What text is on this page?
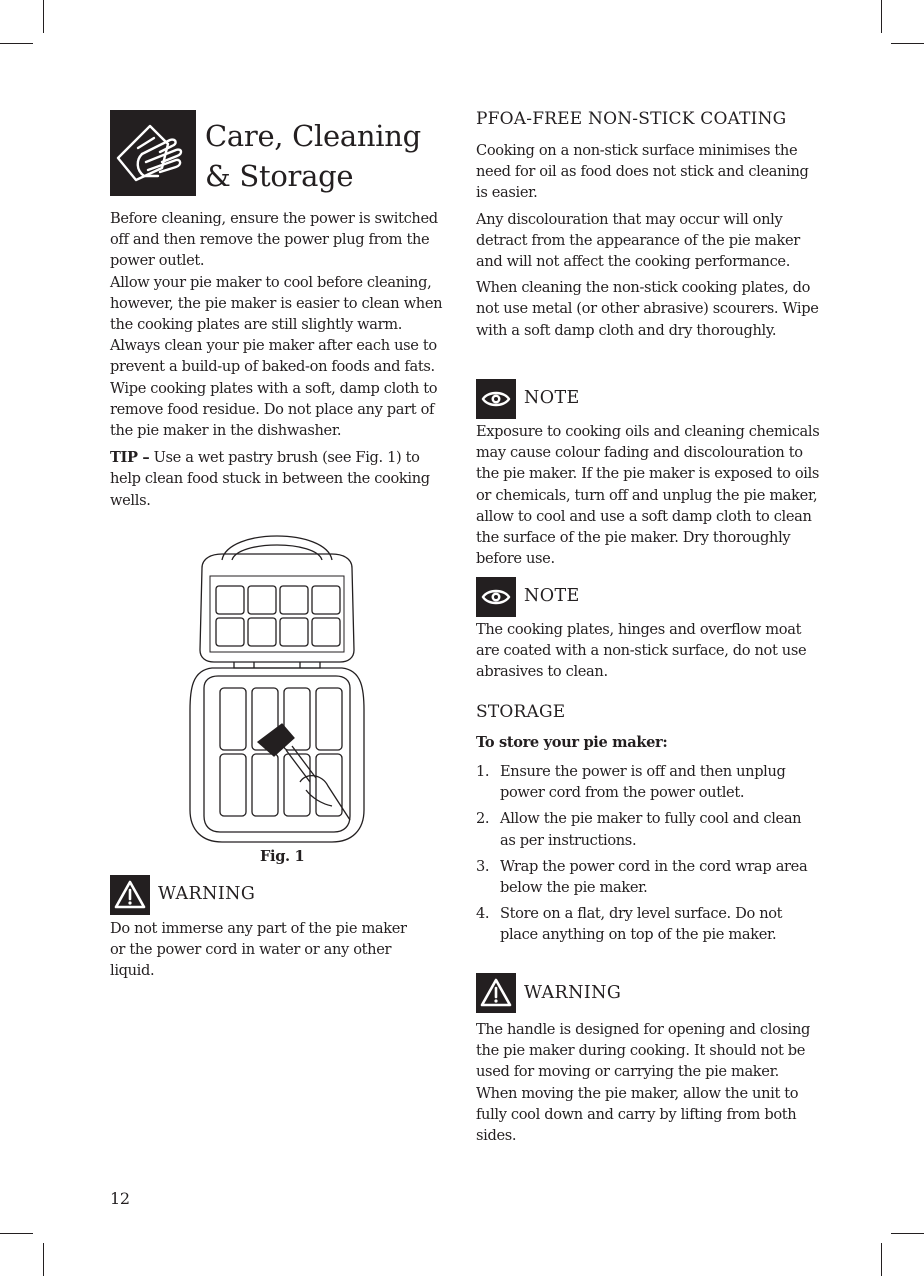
Care, Cleaning
& Storage

Before cleaning, ensure the power is switched off and then remove the power plug from the power outlet.

Allow your pie maker to cool before cleaning, however, the pie maker is easier to clean when the cooking plates are still slightly warm.

Always clean your pie maker after each use to prevent a build-up of baked-on foods and fats.

Wipe cooking plates with a soft, damp cloth to remove food residue. Do not place any part of the pie maker in the dishwasher.

TIP – Use a wet pastry brush (see Fig. 1) to help clean food stuck in between the cooking wells.

Fig. 1
WARNING

Do not immerse any part of the pie maker or the power cord in water or any other liquid.

PFOA-FREE NON-STICK COATING

Cooking on a non-stick surface minimises the need for oil as food does not stick and cleaning is easier.

Any discolouration that may occur will only detract from the appearance of the pie maker and will not affect the cooking performance.

When cleaning the non-stick cooking plates, do not use metal (or other abrasive) scourers. Wipe with a soft damp cloth and dry thoroughly.

NOTE

Exposure to cooking oils and cleaning chemicals may cause colour fading and discolouration to the pie maker. If the pie maker is exposed to oils or chemicals, turn off and unplug the pie maker, allow to cool and use a soft damp cloth to clean the surface of the pie maker. Dry thoroughly before use.

NOTE

The cooking plates, hinges and overflow moat are coated with a non-stick surface, do not use abrasives to clean.

STORAGE

To store your pie maker:

1. Ensure the power is off and then unplug power cord from the power outlet.
2. Allow the pie maker to fully cool and clean as per instructions.
3. Wrap the power cord in the cord wrap area below the pie maker.
4. Store on a flat, dry level surface. Do not place anything on top of the pie maker.
WARNING

The handle is designed for opening and closing the pie maker during cooking. It should not be used for moving or carrying the pie maker.

When moving the pie maker, allow the unit to fully cool down and carry by lifting from both sides.

12
